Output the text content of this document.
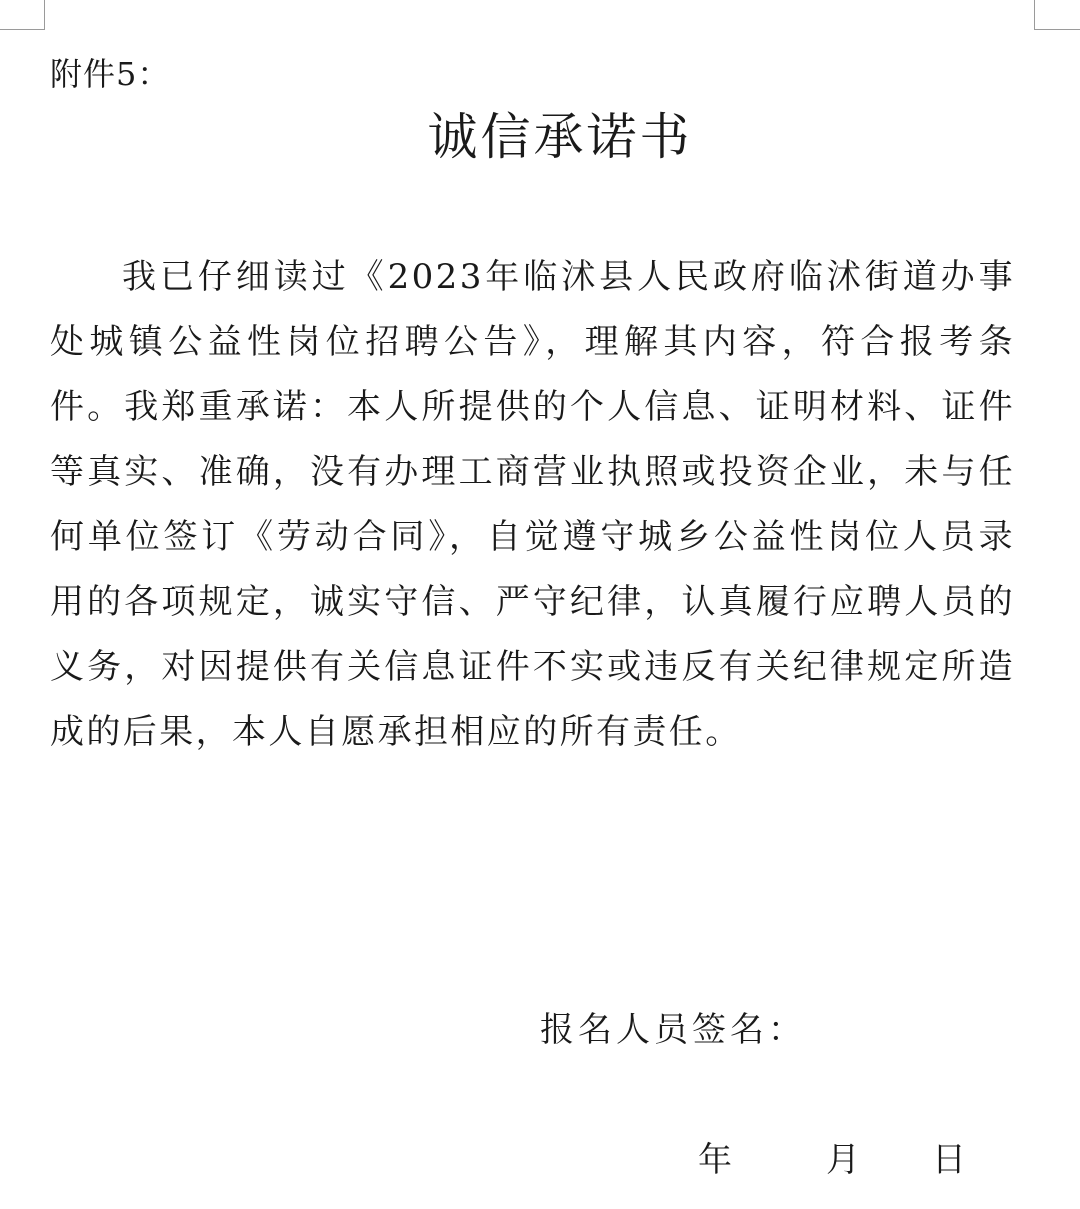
附件5：
诚信承诺书

我已仔细读过《2023年临沭县人民政府临沭街道办事处城镇公益性岗位招聘公告》，理解其内容，符合报考条件。我郑重承诺：本人所提供的个人信息、证明材料、证件等真实、准确，没有办理工商营业执照或投资企业，未与任何单位签订《劳动合同》，自觉遵守城乡公益性岗位人员录用的各项规定，诚实守信、严守纪律，认真履行应聘人员的义务，对因提供有关信息证件不实或违反有关纪律规定所造成的后果，本人自愿承担相应的所有责任。

报名人员签名：
年	月 日
